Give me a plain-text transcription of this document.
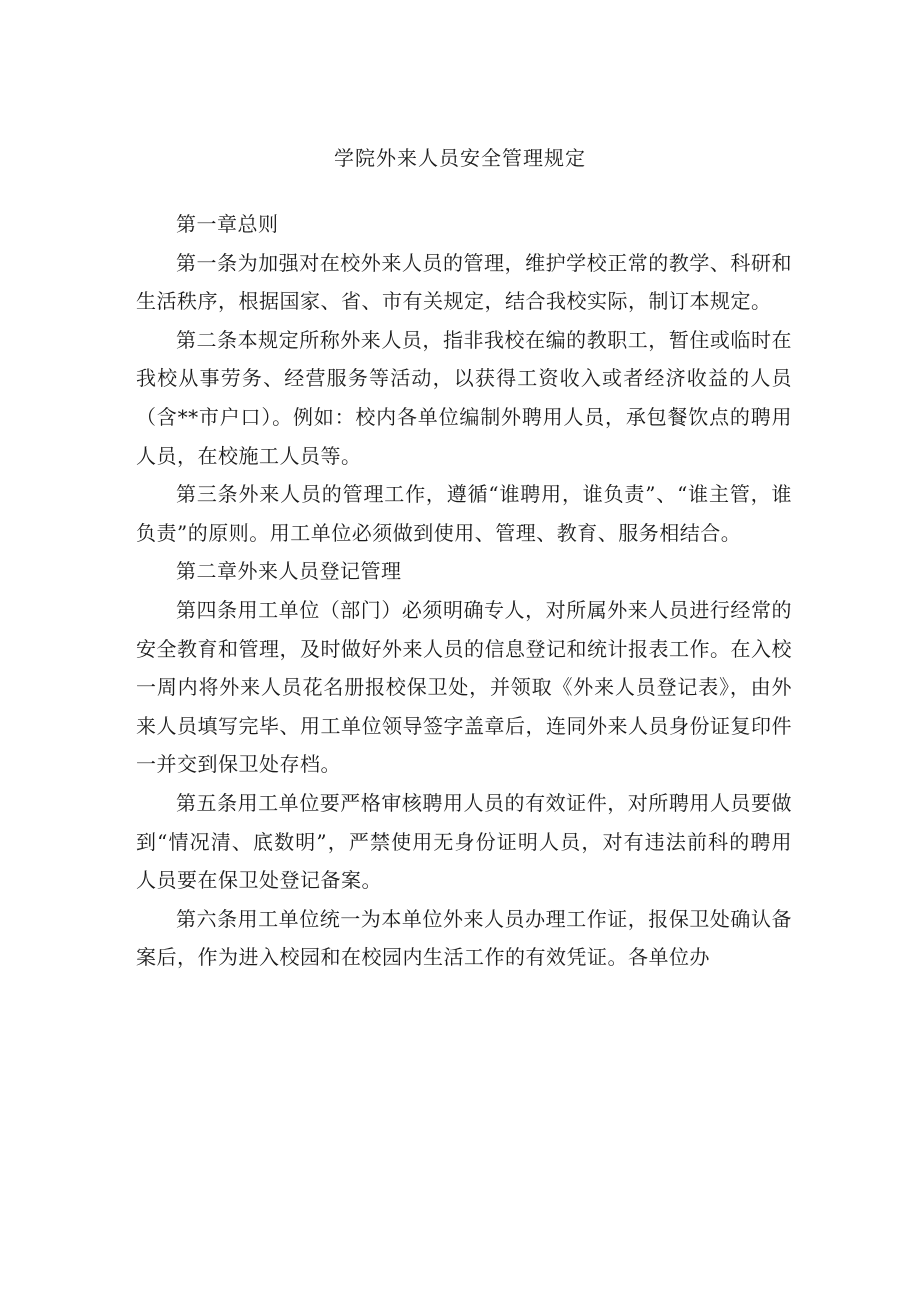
学院外来人员安全管理规定

第一章总则

第一条为加强对在校外来人员的管理，维护学校正常的教学、科研和生活秩序，根据国家、省、市有关规定，结合我校实际，制订本规定。

第二条本规定所称外来人员，指非我校在编的教职工，暂住或临时在我校从事劳务、经营服务等活动，以获得工资收入或者经济收益的人员（含**市户口）。例如：校内各单位编制外聘用人员，承包餐饮点的聘用人员，在校施工人员等。

第三条外来人员的管理工作，遵循“谁聘用，谁负责”、“谁主管，谁负责”的原则。用工单位必须做到使用、管理、教育、服务相结合。

第二章外来人员登记管理

第四条用工单位（部门）必须明确专人，对所属外来人员进行经常的安全教育和管理，及时做好外来人员的信息登记和统计报表工作。在入校一周内将外来人员花名册报校保卫处，并领取《外来人员登记表》，由外来人员填写完毕、用工单位领导签字盖章后，连同外来人员身份证复印件一并交到保卫处存档。

第五条用工单位要严格审核聘用人员的有效证件，对所聘用人员要做到“情况清、底数明”，严禁使用无身份证明人员，对有违法前科的聘用人员要在保卫处登记备案。

第六条用工单位统一为本单位外来人员办理工作证，报保卫处确认备案后，作为进入校园和在校园内生活工作的有效凭证。各单位办
